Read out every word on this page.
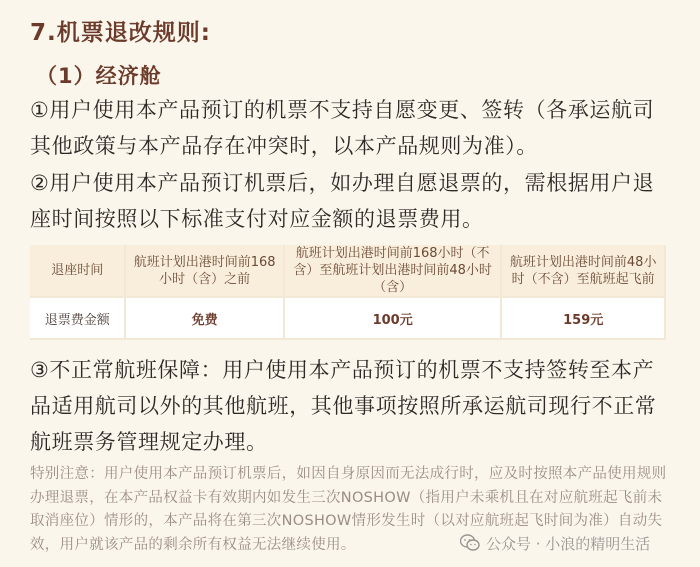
7.机票退改规则:
（1）经济舱
①用户使用本产品预订的机票不支持自愿变更、签转（各承运航司其他政策与本产品存在冲突时，以本产品规则为准）。
②用户使用本产品预订机票后，如办理自愿退票的，需根据用户退座时间按照以下标准支付对应金额的退票费用。
退座时间	航班计划出港时间前168小时（含）之前	航班计划出港时间前168小时（不含）至航班计划出港时间前48小时（含）	航班计划出港时间前48小时（不含）至航班起飞前
退票费金额	免费	100元	159元
③不正常航班保障：用户使用本产品预订的机票不支持签转至本产品适用航司以外的其他航班，其他事项按照所承运航司现行不正常航班票务管理规定办理。
特别注意：用户使用本产品预订机票后，如因自身原因而无法成行时，应及时按照本产品使用规则办理退票，在本产品权益卡有效期内如发生三次NOSHOW（指用户未乘机且在对应航班起飞前未取消座位）情形的，本产品将在第三次NOSHOW情形发生时（以对应航班起飞时间为准）自动失效，用户就该产品的剩余所有权益无法继续使用。	公众号 · 小浪的精明生活
